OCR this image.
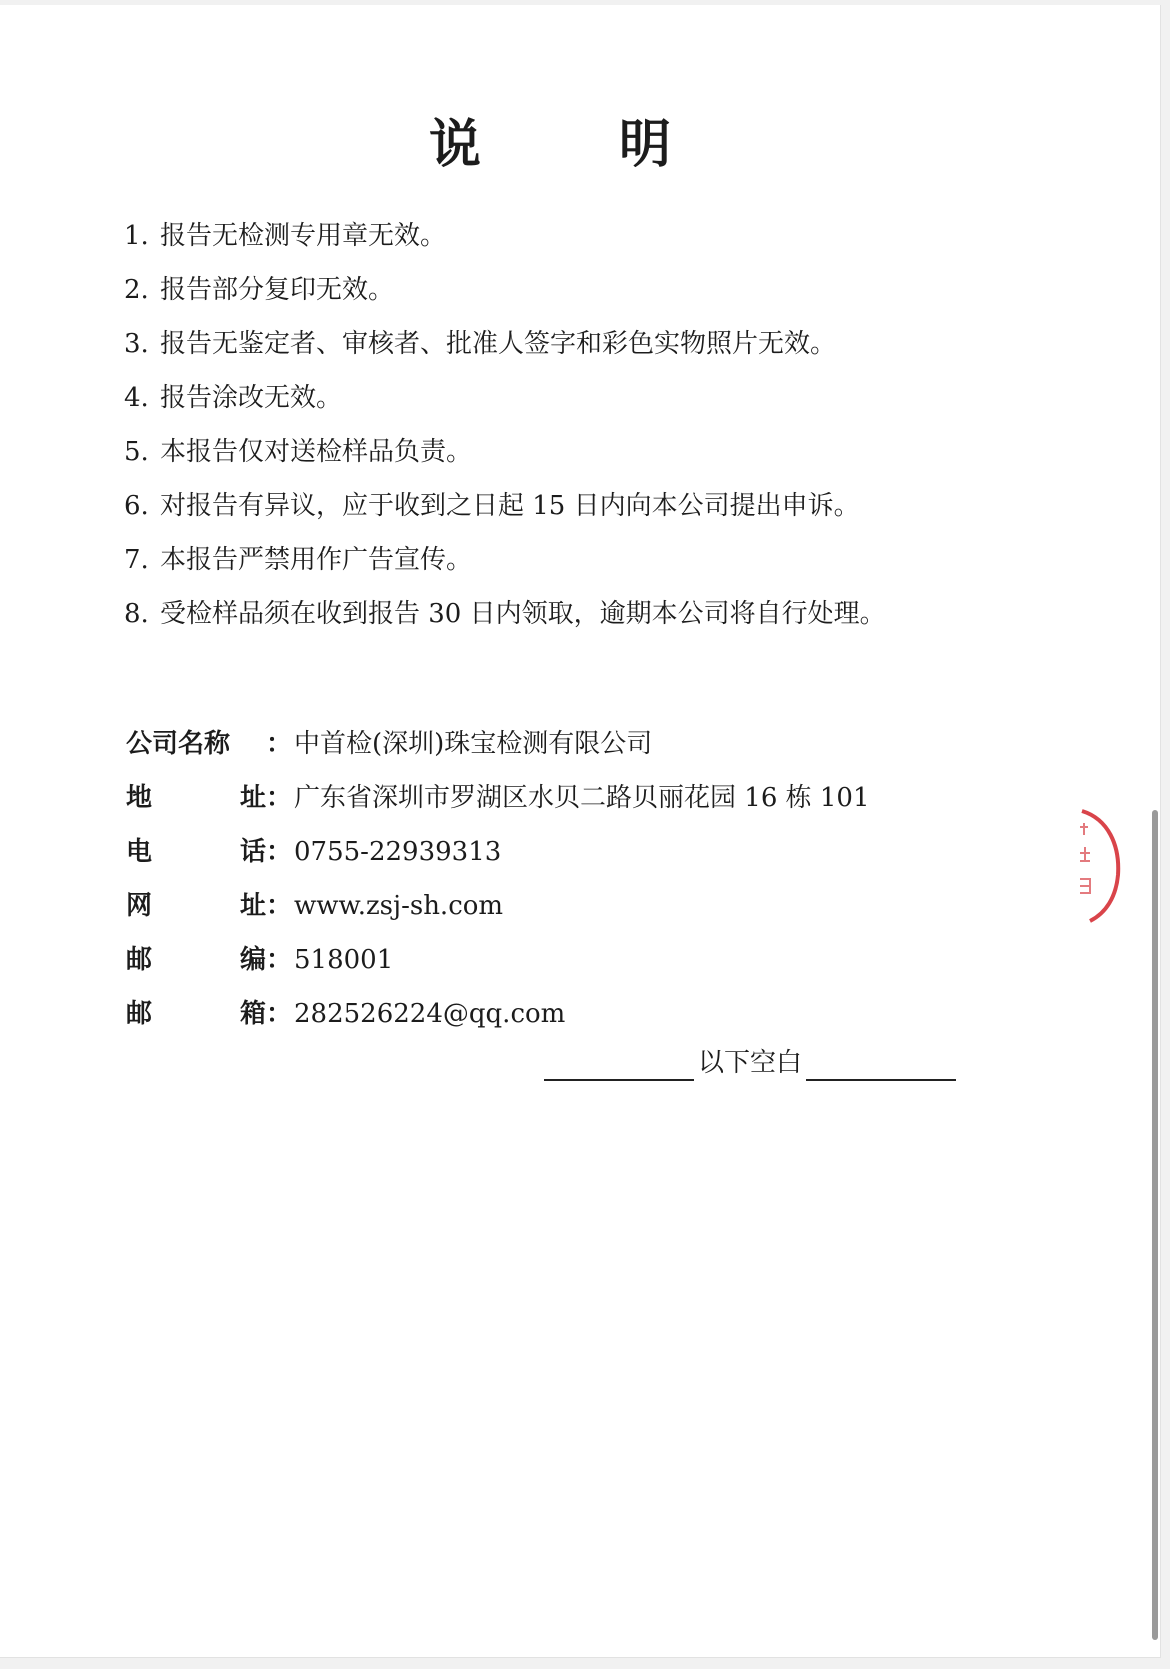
说 明
1. 报告无检测专用章无效。
2. 报告部分复印无效。
3. 报告无鉴定者、审核者、批准人签字和彩色实物照片无效。
4. 报告涂改无效。
5. 本报告仅对送检样品负责。
6. 对报告有异议，应于收到之日起 15 日内向本公司提出申诉。
7. 本报告严禁用作广告宣传。
8. 受检样品须在收到报告 30 日内领取，逾期本公司将自行处理。
公司名称 ： 中首检(深圳)珠宝检测有限公司
地	址 ： 广东省深圳市罗湖区水贝二路贝丽花园 16 栋 101
电	话 ： 0755-22939313
网	址 ： www.zsj-sh.com
邮	编 ： 518001
邮	箱 ： 282526224@qq.com
以下空白
